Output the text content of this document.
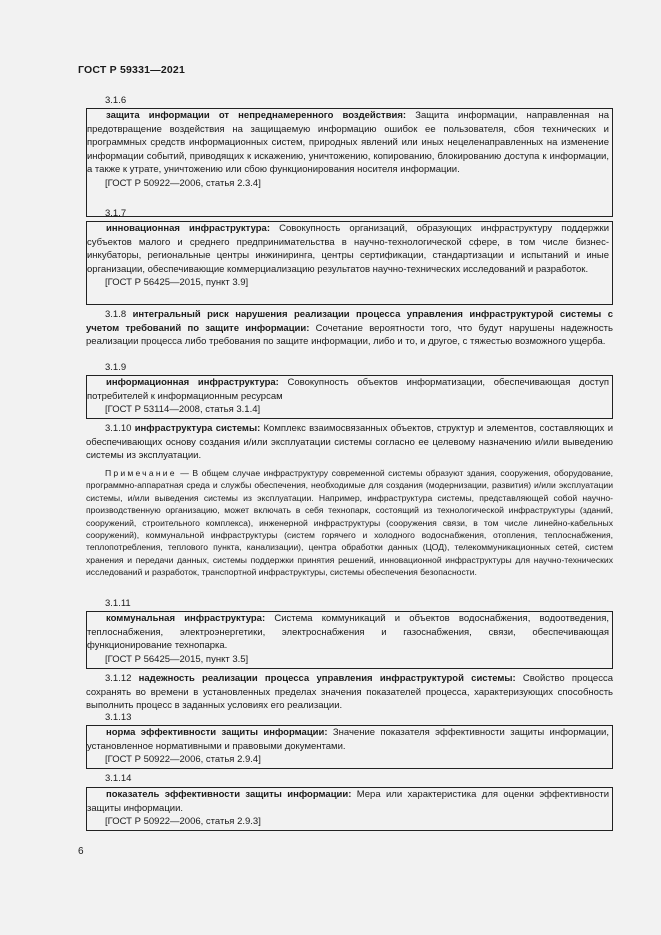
ГОСТ Р 59331—2021
3.1.6

защита информации от непреднамеренного воздействия: Защита информации, направленная на предотвращение воздействия на защищаемую информацию ошибок ее пользователя, сбоя технических и программных средств информационных систем, природных явлений или иных нецеленаправленных на изменение информации событий, приводящих к искажению, уничтожению, копированию, блокированию доступа к информации, а также к утрате, уничтожению или сбою функционирования носителя информации.

[ГОСТ Р 50922—2006, статья 2.3.4]

3.1.7

инновационная инфраструктура: Совокупность организаций, образующих инфраструктуру поддержки субъектов малого и среднего предпринимательства в научно-технологической сфере, в том числе бизнес-инкубаторы, региональные центры инжиниринга, центры сертификации, стандартизации и испытаний и иные организации, обеспечивающие коммерциализацию результатов научно-технических исследований и разработок.

[ГОСТ Р 56425—2015, пункт 3.9]

3.1.8 интегральный риск нарушения реализации процесса управления инфраструктурой системы с учетом требований по защите информации: Сочетание вероятности того, что будут нарушены надежность реализации процесса либо требования по защите информации, либо и то, и другое, с тяжестью возможного ущерба.

3.1.9

информационная инфраструктура: Совокупность объектов информатизации, обеспечивающая доступ потребителей к информационным ресурсам

[ГОСТ Р 53114—2008, статья 3.1.4]

3.1.10 инфраструктура системы: Комплекс взаимосвязанных объектов, структур и элементов, составляющих и обеспечивающих основу создания и/или эксплуатации системы согласно ее целевому назначению и/или выведению системы из эксплуатации.

Примечание — В общем случае инфраструктуру современной системы образуют здания, сооружения, оборудование, программно-аппаратная среда и службы обеспечения, необходимые для создания (модернизации, развития) и/или эксплуатации системы, и/или выведения системы из эксплуатации. Например, инфраструктура системы, представляющей собой научно-производственную организацию, может включать в себя технопарк, состоящий из технологической инфраструктуры (зданий, сооружений, строительного комплекса), инженерной инфраструктуры (сооружения связи, в том числе линейно-кабельных сооружений), коммунальной инфраструктуры (систем горячего и холодного водоснабжения, отопления, теплоснабжения, теплопотребления, теплового пункта, канализации), центра обработки данных (ЦОД), телекоммуникационных сетей, систем хранения и передачи данных, системы поддержки принятия решений, инновационной инфраструктуры для научно-технических исследований и разработок, транспортной инфраструктуры, системы обеспечения безопасности.

3.1.11

коммунальная инфраструктура: Система коммуникаций и объектов водоснабжения, водоотведения, теплоснабжения, электроэнергетики, электроснабжения и газоснабжения, связи, обеспечивающая функционирование технопарка.

[ГОСТ Р 56425—2015, пункт 3.5]

3.1.12 надежность реализации процесса управления инфраструктурой системы: Свойство процесса сохранять во времени в установленных пределах значения показателей процесса, характеризующих способность выполнить процесс в заданных условиях его реализации.

3.1.13

норма эффективности защиты информации: Значение показателя эффективности защиты информации, установленное нормативными и правовыми документами.

[ГОСТ Р 50922—2006, статья 2.9.4]

3.1.14

показатель эффективности защиты информации: Мера или характеристика для оценки эффективности защиты информации.

[ГОСТ Р 50922—2006, статья 2.9.3]

6
